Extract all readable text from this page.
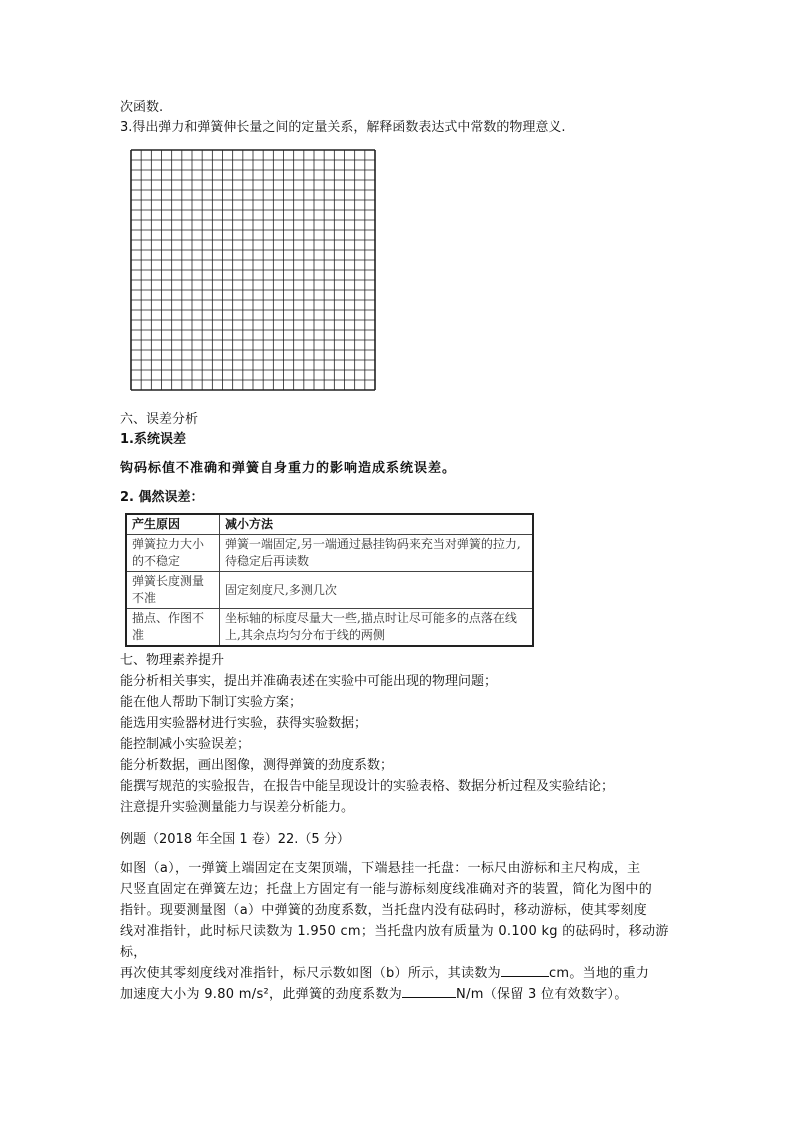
次函数.
3.得出弹力和弹簧伸长量之间的定量关系，解释函数表达式中常数的物理意义.
六、误差分析
1.系统误差
钩码标值不准确和弹簧自身重力的影响造成系统误差。
2. 偶然误差：
产生原因	减小方法
弹簧拉力大小的不稳定	弹簧一端固定,另一端通过悬挂钩码来充当对弹簧的拉力,待稳定后再读数
弹簧长度测量不准	固定刻度尺,多测几次
描点、作图不准	坐标轴的标度尽量大一些,描点时让尽可能多的点落在线上,其余点均匀分布于线的两侧
七、物理素养提升
能分析相关事实，提出并准确表述在实验中可能出现的物理问题；
能在他人帮助下制订实验方案；
能选用实验器材进行实验，获得实验数据；
能控制减小实验误差；
能分析数据，画出图像，测得弹簧的劲度系数；
能撰写规范的实验报告，在报告中能呈现设计的实验表格、数据分析过程及实验结论；
注意提升实验测量能力与误差分析能力。
例题（2018 年全国 1 卷）22.（5 分）
如图（a），一弹簧上端固定在支架顶端，下端悬挂一托盘：一标尺由游标和主尺构成，主
尺竖直固定在弹簧左边；托盘上方固定有一能与游标刻度线准确对齐的装置，简化为图中的
指针。现要测量图（a）中弹簧的劲度系数，当托盘内没有砝码时，移动游标，使其零刻度
线对准指针，此时标尺读数为 1.950 cm；当托盘内放有质量为 0.100 kg 的砝码时，移动游标，
再次使其零刻度线对准指针，标尺示数如图（b）所示，其读数为	cm。当地的重力
加速度大小为 9.80 m/s²，此弹簧的劲度系数为	N/m（保留 3 位有效数字）。
